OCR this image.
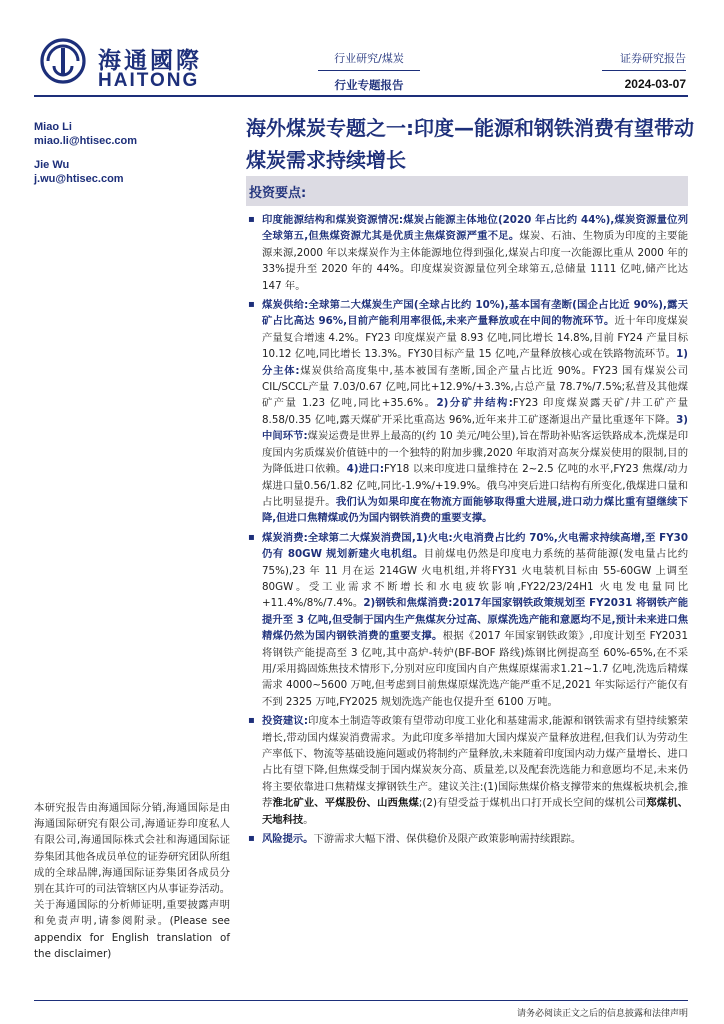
海通國際
HAITONG
行业研究/煤炭	证券研究报告
行业专题报告	2024-03-07
Miao Li
miao.li@htisec.com
Jie Wu
j.wu@htisec.com
海外煤炭专题之一:印度—能源和钢铁消费有望带动煤炭需求持续增长
投资要点:

▪ 印度能源结构和煤炭资源情况:煤炭占能源主体地位(2020 年占比约 44%),煤炭资源量位列全球第五,但焦煤资源尤其是优质主焦煤资源严重不足。煤炭、石油、生物质为印度的主要能源来源,2000 年以来煤炭作为主体能源地位得到强化,煤炭占印度一次能源比重从 2000 年的 33%提升至 2020 年的 44%。印度煤炭资源量位列全球第五,总储量 1111 亿吨,储产比达 147 年。

▪ 煤炭供给:全球第二大煤炭生产国(全球占比约 10%),基本国有垄断(国企占比近 90%),露天矿占比高达 96%,目前产能利用率很低,未来产量释放或在中间的物流环节。近十年印度煤炭产量复合增速 4.2%。FY23 印度煤炭产量 8.93 亿吨,同比增长 14.8%,目前 FY24 产量目标 10.12 亿吨,同比增长 13.3%。FY30目标产量 15 亿吨,产量释放核心或在铁路物流环节。1)分主体:煤炭供给高度集中,基本被国有垄断,国企产量占比近 90%。FY23 国有煤炭公司 CIL/SCCL产量 7.03/0.67 亿吨,同比+12.9%/+3.3%,占总产量 78.7%/7.5%;私营及其他煤矿产量 1.23 亿吨,同比+35.6%。2)分矿井结构:FY23 印度煤炭露天矿/井工矿产量 8.58/0.35 亿吨,露天煤矿开采比重高达 96%,近年来井工矿逐渐退出产量比重逐年下降。3)中间环节:煤炭运费是世界上最高的(约 10 美元/吨公里),旨在帮助补贴客运铁路成本,洗煤是印度国内劣质煤炭价值链中的一个独特的附加步骤,2020 年取消对高灰分煤炭使用的限制,目的为降低进口依赖。4)进口:FY18 以来印度进口量维持在 2~2.5 亿吨的水平,FY23 焦煤/动力煤进口量0.56/1.82 亿吨,同比-1.9%/+19.9%。俄乌冲突后进口结构有所变化,俄煤进口量和占比明显提升。我们认为如果印度在物流方面能够取得重大进展,进口动力煤比重有望继续下降,但进口焦精煤或仍为国内钢铁消费的重要支撑。

▪ 煤炭消费:全球第二大煤炭消费国,1)火电:火电消费占比约 70%,火电需求持续高增,至 FY30 仍有 80GW 规划新建火电机组。目前煤电仍然是印度电力系统的基荷能源(发电量占比约 75%),23 年 11 月在运 214GW 火电机组,并将FY31 火电装机目标由 55-60GW 上调至 80GW。受工业需求不断增长和水电疲软影响,FY22/23/24H1 火电发电量同比+11.4%/8%/7.4%。2)钢铁和焦煤消费:2017年国家钢铁政策规划至 FY2031 将钢铁产能提升至 3 亿吨,但受制于国内生产焦煤灰分过高、原煤洗选产能和意愿均不足,预计未来进口焦精煤仍然为国内钢铁消费的重要支撑。根据《2017 年国家钢铁政策》,印度计划至 FY2031 将钢铁产能提高至 3 亿吨,其中高炉-转炉(BF-BOF 路线)炼钢比例提高至 60%-65%,在不采用/采用捣固炼焦技术情形下,分别对应印度国内自产焦煤原煤需求1.21~1.7 亿吨,洗选后精煤需求 4000~5600 万吨,但考虑到目前焦煤原煤洗选产能严重不足,2021 年实际运行产能仅有不到 2325 万吨,FY2025 规划洗选产能也仅提升至 6100 万吨。

▪ 投资建议:印度本土制造等政策有望带动印度工业化和基建需求,能源和钢铁需求有望持续繁荣增长,带动国内煤炭消费需求。为此印度多举措加大国内煤炭产量释放进程,但我们认为劳动生产率低下、物流等基础设施问题或仍将制约产量释放,未来随着印度国内动力煤产量增长、进口占比有望下降,但焦煤受制于国内煤炭灰分高、质量差,以及配套洗选能力和意愿均不足,未来仍将主要依靠进口焦精煤支撑钢铁生产。建议关注:(1)国际焦煤价格支撑带来的焦煤板块机会,推荐淮北矿业、平煤股份、山西焦煤;(2)有望受益于煤机出口打开成长空间的煤机公司郑煤机、天地科技。

▪ 风险提示。下游需求大幅下滑、保供稳价及限产政策影响需持续跟踪。

本研究报告由海通国际分销,海通国际是由海通国际研究有限公司,海通证券印度私人有限公司,海通国际株式会社和海通国际证券集团其他各成员单位的证券研究团队所组成的全球品牌,海通国际证券集团各成员分别在其许可的司法管辖区内从事证券活动。关于海通国际的分析师证明,重要披露声明和免责声明,请参阅附录。(Please see appendix for English translation of the disclaimer)
请务必阅读正文之后的信息披露和法律声明
